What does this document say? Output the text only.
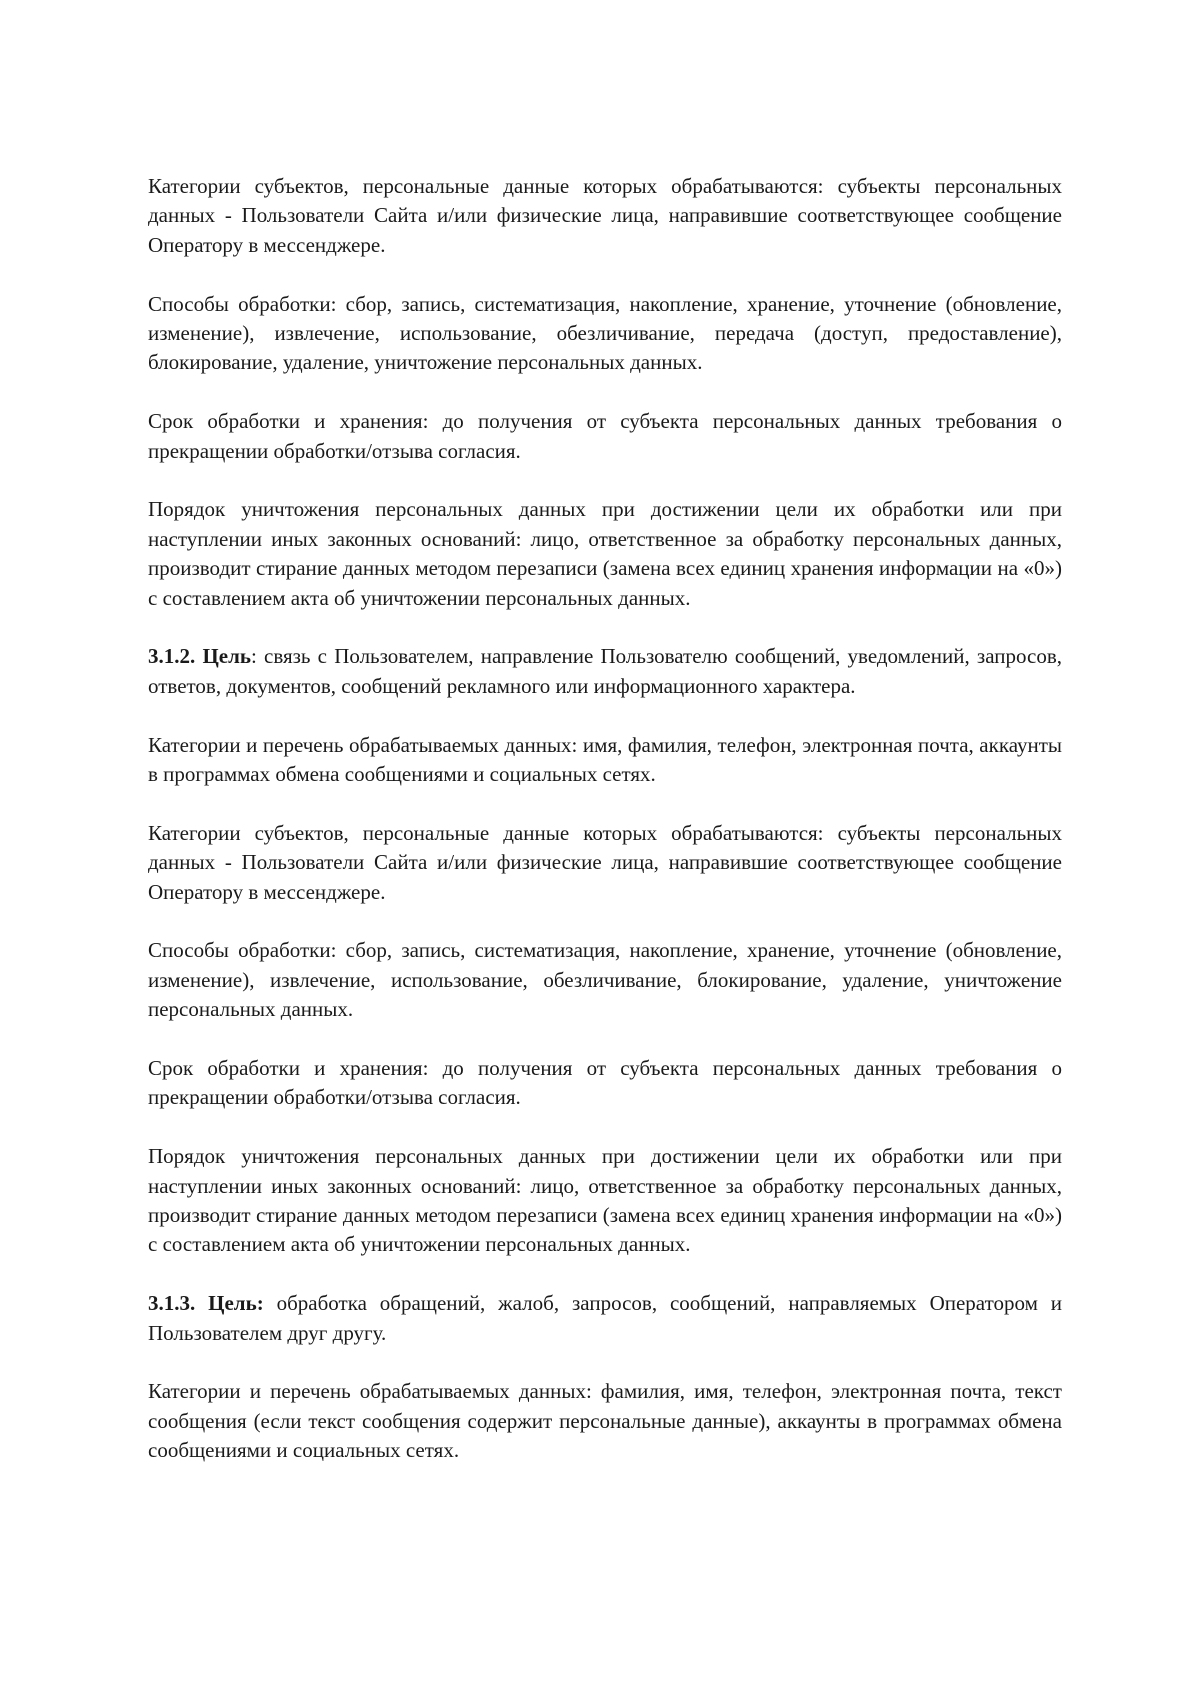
Категории субъектов, персональные данные которых обрабатываются: субъекты персональных данных - Пользователи Сайта и/или физические лица, направившие соответствующее сообщение Оператору в мессенджере.

Способы обработки: сбор, запись, систематизация, накопление, хранение, уточнение (обновление, изменение), извлечение, использование, обезличивание, передача (доступ, предоставление), блокирование, удаление, уничтожение персональных данных.

Срок обработки и хранения: до получения от субъекта персональных данных требования о прекращении обработки/отзыва согласия.

Порядок уничтожения персональных данных при достижении цели их обработки или при наступлении иных законных оснований: лицо, ответственное за обработку персональных данных, производит стирание данных методом перезаписи (замена всех единиц хранения информации на «0») с составлением акта об уничтожении персональных данных.

3.1.2. Цель: связь с Пользователем, направление Пользователю сообщений, уведомлений, запросов, ответов, документов, сообщений рекламного или информационного характера.

Категории и перечень обрабатываемых данных: имя, фамилия, телефон, электронная почта, аккаунты в программах обмена сообщениями и социальных сетях.

Категории субъектов, персональные данные которых обрабатываются: субъекты персональных данных - Пользователи Сайта и/или физические лица, направившие соответствующее сообщение Оператору в мессенджере.

Способы обработки: сбор, запись, систематизация, накопление, хранение, уточнение (обновление, изменение), извлечение, использование, обезличивание, блокирование, удаление, уничтожение персональных данных.

Срок обработки и хранения: до получения от субъекта персональных данных требования о прекращении обработки/отзыва согласия.

Порядок уничтожения персональных данных при достижении цели их обработки или при наступлении иных законных оснований: лицо, ответственное за обработку персональных данных, производит стирание данных методом перезаписи (замена всех единиц хранения информации на «0») с составлением акта об уничтожении персональных данных.

3.1.3. Цель: обработка обращений, жалоб, запросов, сообщений, направляемых Оператором и Пользователем друг другу.

Категории и перечень обрабатываемых данных: фамилия, имя, телефон, электронная почта, текст сообщения (если текст сообщения содержит персональные данные), аккаунты в программах обмена сообщениями и социальных сетях.
